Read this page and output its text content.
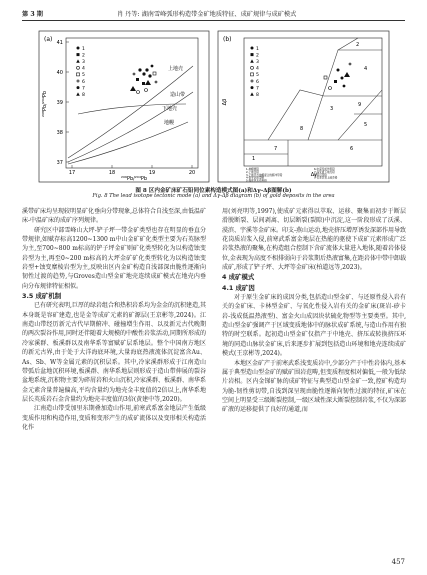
第 3 期	肖 丹等: 湖南雪峰弧形构造带金矿地质特征、成矿规律与成矿模式
(a)
²⁰⁸Pb/²⁰⁴Pb
²⁰⁶Pb/²⁰⁴Pb
41
40
39
38
37
17	18	19	20
上地壳
造山带
地幔
下地壳
1
2
3
4
5
6
7
8
(b)
Δβ
Δγ
1
2
3
4
5
6
7
8
9
1
2
3
4
5
6
7
8
1-地幔源铅
2-上地壳铅
3-上地壳与地幔混合的俯冲带铅
4-化学沉积型铅
5-海底热水作用铅
6-中深变质作用铅
7-深变质下地壳铅
8-造山带铅
9-古老页岩上地壳铅
图 8 区内金矿床矿石铅同位素构造模式图(a)和Δγ-Δβ图解(b)
Fig. 8 The lead isotope tectonic mode (a) and Δγ-Δβ diagram (b) of gold deposits in the area

溪带矿床均呈现较明显矿化垂向分带现象,总体符合自浅至深,由低温矿床-中温矿床的成矿序列规律。

研究区中部雪峰山大坪-铲子坪一带金矿类型也存在明显的垂直分带规律,如赋存标高1200~1300 m中山金矿矿化类型主要为石英脉型为主,至700~800 m标高的铲子坪金矿则矿化类型转化为以构造蚀变岩型为主,再至0~200 m标高的大坪金矿矿化类型转化为以构造蚀变岩型+蚀变糜棱岩型为主,反映出区内金矿构造自浅部深由脆性逐渐向韧性过渡的趋势,与Groves造山型金矿地壳连续成矿模式在地壳内垂向分布规律特征相似。

3.5 成矿机制

已有研究表明,巨厚的绿岩组合和热积岩系均为金金的沉积建造,其本身既是容矿建造,也是金等成矿元素的矿源层(王京彬等,2024)。江南造山带经历新元古代早期俯冲、碰撞增生作用、以及新元古代晚期的两次裂谷作用,同时还伴随着大规模的中酸性岩浆活动,同期所形成的冷家溪群、板溪群以及南华系等富赋矿层系地层。整个中国南方地区的新元古界,由于处于大洋海底环境,大量海底热液流体沉淀富含Au、As、Sb、W等金属元素的沉积层系。其中,冷家溪群形成于江南造山带弧后盆地沉积环境,板溪群、南华系地层则形成于造山带伸展的裂谷盆地系统,沉积物主要为碎屑岩和火山沉积,冷家溪群、板溪群、南华系金元素含量普遍偏高,平均含量约为地壳金丰度值的2倍以上,南华系地层长英质岩石金含量约为地壳丰度值的3倍(黄建中等,2020)。

江南造山带受加里东期叠加造山作用,前寒武系富金地层产生低级变质作用和构造作用,变质和变形产生的成矿流体以及变形相关构造活化作

用(刘亮明等,1997),使成矿元素得以萃取、运移、聚集而初步于断层滑脱断裂、层间剥离、切层断裂(裂隙)中沉淀,这一阶段形成了沃溪、漠滨、宇溪等金矿床。印支-燕山运动,地壳挤压增厚诱发深部作用导致花岗质岩浆入侵,前寒武系富金地层在热能的驱使下成矿元素形成广泛岩浆热液的聚集,在构造组合控制下含矿流体大量进入地体,随着岩体侵位,金表现为高度不相排弱向于岩浆期后热液富集,在距岩体中带中卸载成矿,形成了铲子坪、大坪等金矿床(柏道远等,2023)。

4 成矿模式

4.1 成矿因

对于原生金矿床的成因分类,包括造山型金矿、与还原性侵入岩有关的金矿床、卡林型金矿、与氧化性侵入岩有关的金矿床(斑岩-矽卡岩-浅成低温热液型)、富金火山成因块状硫化物型等主要类型。其中,造山型金矿强调产于区域变质地体中的脉状成矿系统,与造山作用有独特的时空联系。起初造山型金矿仅指产于中地壳、挤压或转换挤压环境的同造山脉状金矿床,后来逐步扩展到包括造山环境和地壳连续成矿模式(王京彬等,2024)。

本地区金矿产于前寒武系浅变质岩中,少部分产于中性岩体内,基本属于典型造山型金矿的赋矿围岩范畴,但变质程度相对偏低,一般为低绿片岩相。区内金锑矿脉的成矿特征与典型造山型金矿一致,控矿构造均为脆-韧性剪切带,自浅到深呈现由脆性逐渐向韧性过渡的特征,矿床在空间上明显受三级断裂控制,一级区域性深大断裂控制岩浆,不仅为深部矿液的运移提供了良好的通道,而

457
